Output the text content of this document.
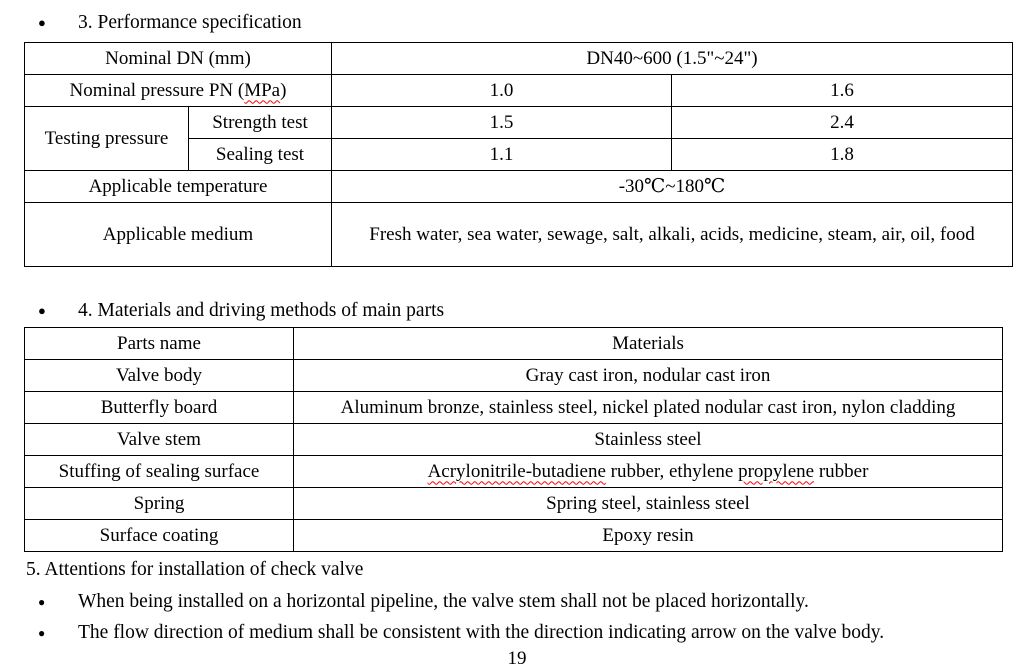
●	3. Performance specification
Nominal DN (mm)		DN40~600 (1.5"~24")	
Nominal pressure PN (MPa)		1.0	1.6
Testing pressure	Strength test	1.5	2.4
	Sealing test	1.1	1.8
Applicable temperature		-30℃~180℃	
Applicable medium		Fresh water, sea water, sewage, salt, alkali, acids, medicine, steam, air, oil, food	
●	4. Materials and driving methods of main parts
Parts name	Materials
Valve body	Gray cast iron, nodular cast iron
Butterfly board	Aluminum bronze, stainless steel, nickel plated nodular cast iron, nylon cladding
Valve stem	Stainless steel
Stuffing of sealing surface	Acrylonitrile-butadiene rubber, ethylene propylene rubber
Spring	Spring steel, stainless steel
Surface coating	Epoxy resin
5. Attentions for installation of check valve
●	When being installed on a horizontal pipeline, the valve stem shall not be placed horizontally.
●	The flow direction of medium shall be consistent with the direction indicating arrow on the valve body.
19
